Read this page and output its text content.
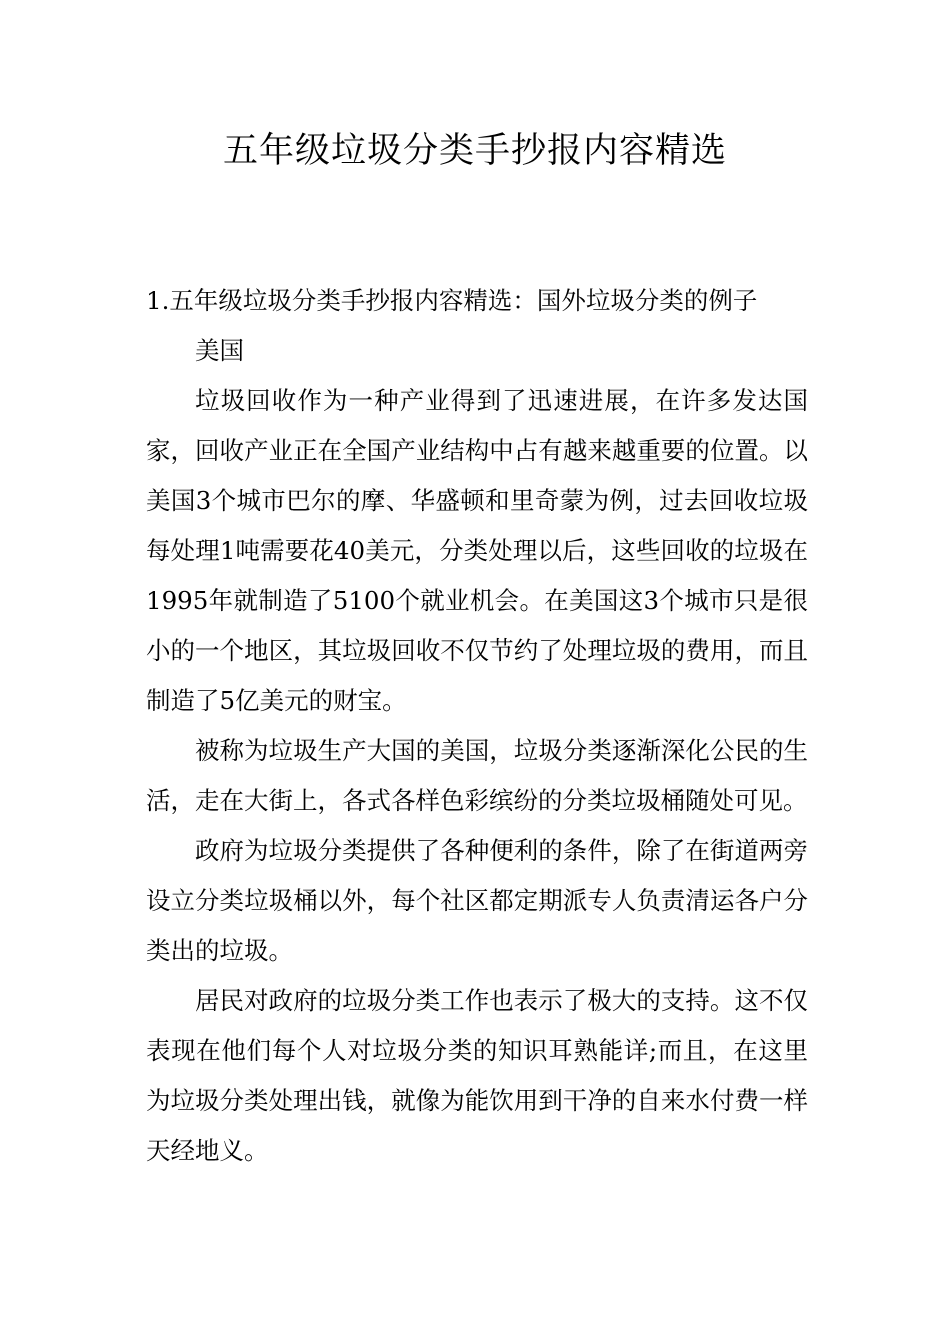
五年级垃圾分类手抄报内容精选

1.五年级垃圾分类手抄报内容精选：国外垃圾分类的例子

美国

垃圾回收作为一种产业得到了迅速进展，在许多发达国家，回收产业正在全国产业结构中占有越来越重要的位置。以美国3个城市巴尔的摩、华盛顿和里奇蒙为例，过去回收垃圾每处理1吨需要花40美元，分类处理以后，这些回收的垃圾在1995年就制造了5100个就业机会。在美国这3个城市只是很小的一个地区，其垃圾回收不仅节约了处理垃圾的费用，而且制造了5亿美元的财宝。

被称为垃圾生产大国的美国，垃圾分类逐渐深化公民的生活，走在大街上，各式各样色彩缤纷的分类垃圾桶随处可见。

政府为垃圾分类提供了各种便利的条件，除了在街道两旁设立分类垃圾桶以外，每个社区都定期派专人负责清运各户分类出的垃圾。

居民对政府的垃圾分类工作也表示了极大的支持。这不仅表现在他们每个人对垃圾分类的知识耳熟能详;而且，在这里为垃圾分类处理出钱，就像为能饮用到干净的自来水付费一样天经地义。
